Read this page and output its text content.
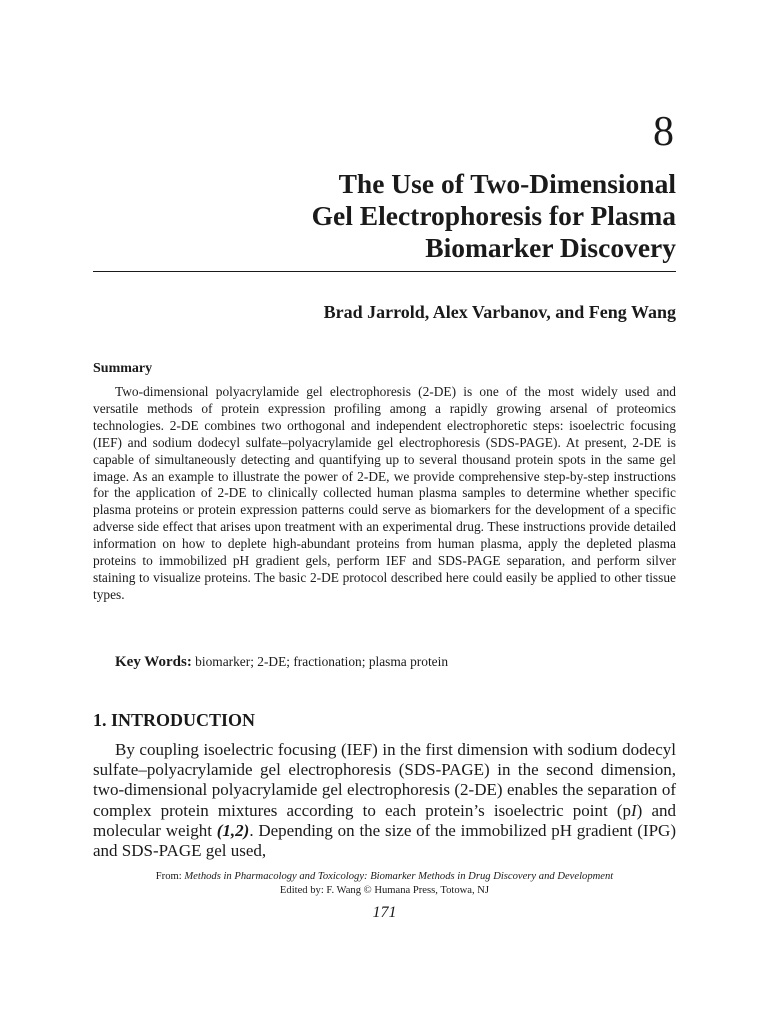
8
The Use of Two-Dimensional
Gel Electrophoresis for Plasma
Biomarker Discovery
Brad Jarrold, Alex Varbanov, and Feng Wang
Summary
Two-dimensional polyacrylamide gel electrophoresis (2-DE) is one of the most widely used and versatile methods of protein expression profiling among a rapidly growing arsenal of proteomics technologies. 2-DE combines two orthogonal and independent electrophoretic steps: isoelectric focusing (IEF) and sodium dodecyl sulfate–polyacrylamide gel electrophoresis (SDS-PAGE). At present, 2-DE is capable of simultaneously detecting and quantifying up to several thousand protein spots in the same gel image. As an example to illustrate the power of 2-DE, we provide comprehensive step-by-step instructions for the application of 2-DE to clinically collected human plasma samples to determine whether specific plasma proteins or protein expression patterns could serve as biomarkers for the development of a specific adverse side effect that arises upon treatment with an experimental drug. These instructions provide detailed information on how to deplete high-abundant proteins from human plasma, apply the depleted plasma proteins to immobilized pH gradient gels, perform IEF and SDS-PAGE separation, and perform silver staining to visualize proteins. The basic 2-DE protocol described here could easily be applied to other tissue types.
Key Words: biomarker; 2-DE; fractionation; plasma protein
1. INTRODUCTION
By coupling isoelectric focusing (IEF) in the first dimension with sodium dodecyl sulfate–polyacrylamide gel electrophoresis (SDS-PAGE) in the second dimension, two-dimensional polyacrylamide gel electrophoresis (2-DE) enables the separation of complex protein mixtures according to each protein’s isoelectric point (pI) and molecular weight (1,2). Depending on the size of the immobilized pH gradient (IPG) and SDS-PAGE gel used,
From: Methods in Pharmacology and Toxicology: Biomarker Methods in Drug Discovery and Development
Edited by: F. Wang © Humana Press, Totowa, NJ
171
